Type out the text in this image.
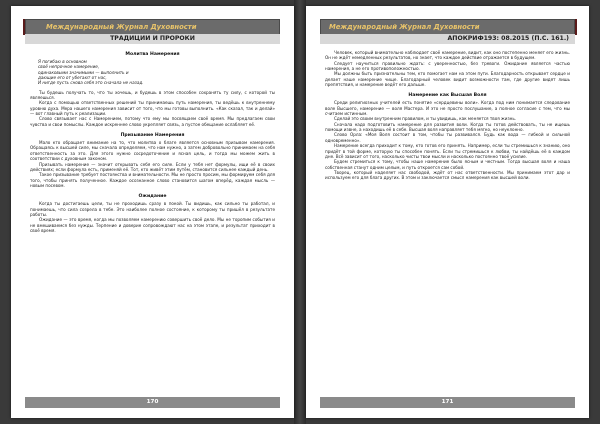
Международный Журнал Духовности
ТРАДИЦИИ И ПРОРОКИ
Молитва Намерения
Я погибаю в основном
своё непрочное намерение,
одинаковыми значимыми — выполнить и
дающие его от убегают от нас,
И нигде пусть снова себя это сначала не назад.

Ты будешь получать то, что ты хочешь, и будешь в этом способен сохранять ту силу, с которой ты являешься.

Когда с помощью ответственных решений ты принимаешь путь намерения, ты ведёшь к внутреннему уровню духа. Мера нашего намерения зависит от того, что мы готовы выполнить. «Как сказал, так и делай» — вот главный путь к реализации.

Слово связывает нас с Намерением, потому что ему мы посвящаем своё время. Мы предлагаем свои чувства и свои помыслы. Каждое искреннее слово укрепляет связь, а пустое обещание ослабляет её.

Призывание Намерения

Мало кто обращает внимание на то, что молитва о благе является основным призывом намерения. Обращаясь к высшей силе, мы сначала определяем, что нам нужно, а затем добровольно принимаем на себя ответственность за это. Для этого нужно сосредоточение и ясная цель, и тогда мы можем жить в соответствии с духовным законом.

Призывать намерение — значит открывать себя его силе. Если у тебя нет формулы, ищи её в своих действиях; если формула есть, применяй её. Тот, кто живёт этим путём, становится сильнее каждый день.

Такое призывание требует постоянства и внимательности. Мы не просто просим, мы формируем себя для того, чтобы принять полученное. Каждое осознанное слово становится шагом вперёд, каждая мысль — новым посевом.

Ожидание

Когда ты достигаешь цели, ты не проходишь сразу в покой. Ты видишь, как сильно ты работал, и понимаешь, что сила созрела в тебе. Это наиболее полное состояние, к которому ты пришёл в результате работы.

Ожидание — это время, когда мы позволяем намерению совершить своё дело. Мы не торопим события и не вмешиваемся без нужды. Терпение и доверие сопровождают нас на этом этапе, и результат приходит в своё время.

170
Международный Журнал Духовности
АПОКРИФ193: 08.2015 (П.С. 161.)

Человек, который внимательно наблюдает своё намерение, видит, как оно постепенно меняет его жизнь. Он не ждёт немедленных результатов, но знает, что каждое действие отражается в будущем.

Следует научиться правильно ждать: с уверенностью, без тревоги. Ожидание является частью намерения, а не его противоположностью.

Мы должны быть признательны тем, кто помогает нам на этом пути. Благодарность открывает сердце и делает наше намерение чище. Благодарный человек видит возможности там, где другие видят лишь препятствия, и намерение ведёт его дальше.

Намерение как Высшая Воля

Среди религиозных учителей есть понятие «сердцевины воли». Когда под ним понимается следование воле Высшего, намерение — воля Мастера. И это не просто послушание, а полное согласие с тем, что мы считаем истинным.

Сделай это своим внутренним правилом, и ты увидишь, как меняется твоя жизнь.

Сначала надо подготовить намерение для развития воли. Когда ты готов действовать, ты не ищешь помощи извне, а находишь её в себе. Высшая воля направляет тебя мягко, но неуклонно.

Слово Орла: «Моя Воля состоит в том, чтобы ты развивался. Будь как вода — гибкой и сильной одновременно».

Намерение всегда приходит к тому, кто готов его принять. Например, если ты стремишься к знанию, оно придёт в той форме, которую ты способен понять. Если ты стремишься к любви, ты найдёшь её в каждом дне. Всё зависит от того, насколько чисты твои мысли и насколько постоянно твоё усилие.

Будем стремиться к тому, чтобы наше намерение было ясным и честным. Тогда высшая воля и наша собственная станут одним целым, и путь откроется сам собой.

Творец, который наделяет нас свободой, ждёт от нас ответственности. Мы принимаем этот дар и используем его для блага других. В этом и заключается смысл намерения как высшей воли.

171
